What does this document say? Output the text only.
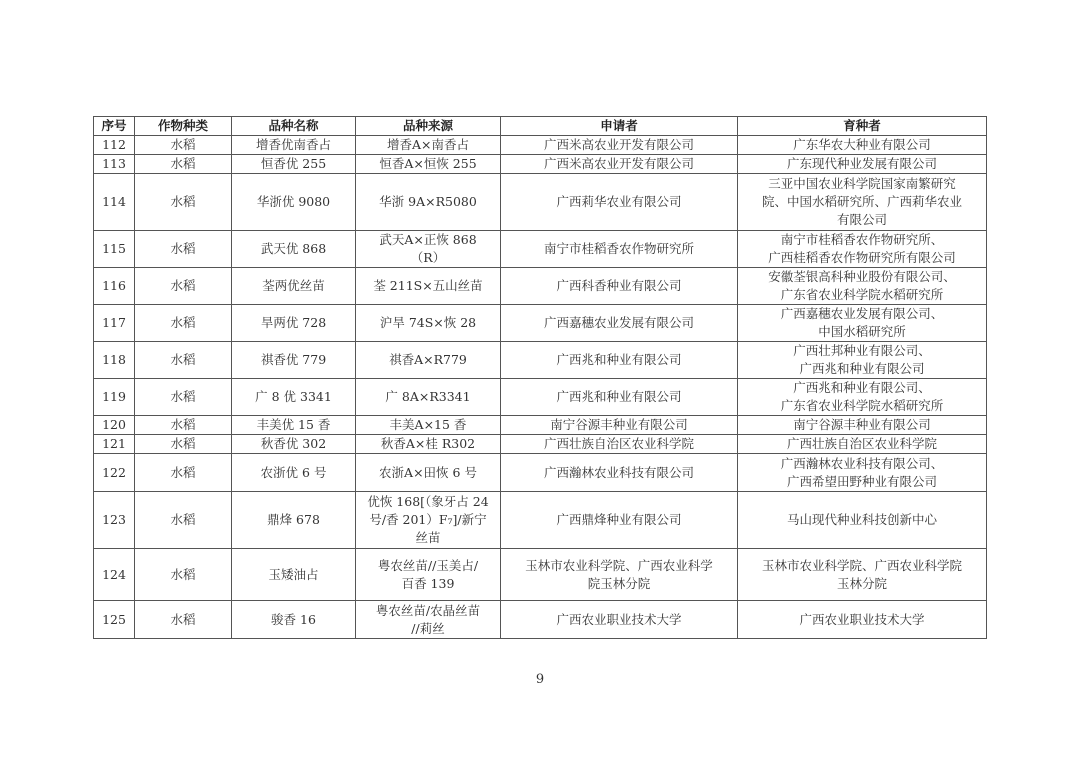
序号	作物种类	品种名称	品种来源	申请者	育种者
112	水稻	增香优南香占	增香A×南香占	广西米高农业开发有限公司	广东华农大种业有限公司
113	水稻	恒香优 255	恒香A×恒恢 255	广西米高农业开发有限公司	广东现代种业发展有限公司
114	水稻	华浙优 9080	华浙 9A×R5080	广西莉华农业有限公司	三亚中国农业科学院国家南繁研究
院、中国水稻研究所、广西莉华农业
有限公司
115	水稻	武天优 868	武天A×正恢 868
（R）	南宁市桂稻香农作物研究所	南宁市桂稻香农作物研究所、
广西桂稻香农作物研究所有限公司
116	水稻	荃两优丝苗	荃 211S×五山丝苗	广西科香种业有限公司	安徽荃银高科种业股份有限公司、
广东省农业科学院水稻研究所
117	水稻	旱两优 728	沪旱 74S×恢 28	广西嘉穗农业发展有限公司	广西嘉穗农业发展有限公司、
中国水稻研究所
118	水稻	祺香优 779	祺香A×R779	广西兆和种业有限公司	广西壮邦种业有限公司、
广西兆和种业有限公司
119	水稻	广 8 优 3341	广 8A×R3341	广西兆和种业有限公司	广西兆和种业有限公司、
广东省农业科学院水稻研究所
120	水稻	丰美优 15 香	丰美A×15 香	南宁谷源丰种业有限公司	南宁谷源丰种业有限公司
121	水稻	秋香优 302	秋香A×桂 R302	广西壮族自治区农业科学院	广西壮族自治区农业科学院
122	水稻	农浙优 6 号	农浙A×田恢 6 号	广西瀚林农业科技有限公司	广西瀚林农业科技有限公司、
广西希望田野种业有限公司
123	水稻	鼎烽 678	优恢 168[（象牙占 24
号/香 201）F₇]/新宁
丝苗	广西鼎烽种业有限公司	马山现代种业科技创新中心
124	水稻	玉矮油占	粤农丝苗//玉美占/
百香 139	玉林市农业科学院、广西农业科学
院玉林分院	玉林市农业科学院、广西农业科学院
玉林分院
125	水稻	骏香 16	粤农丝苗/农晶丝苗
//莉丝	广西农业职业技术大学	广西农业职业技术大学
9
